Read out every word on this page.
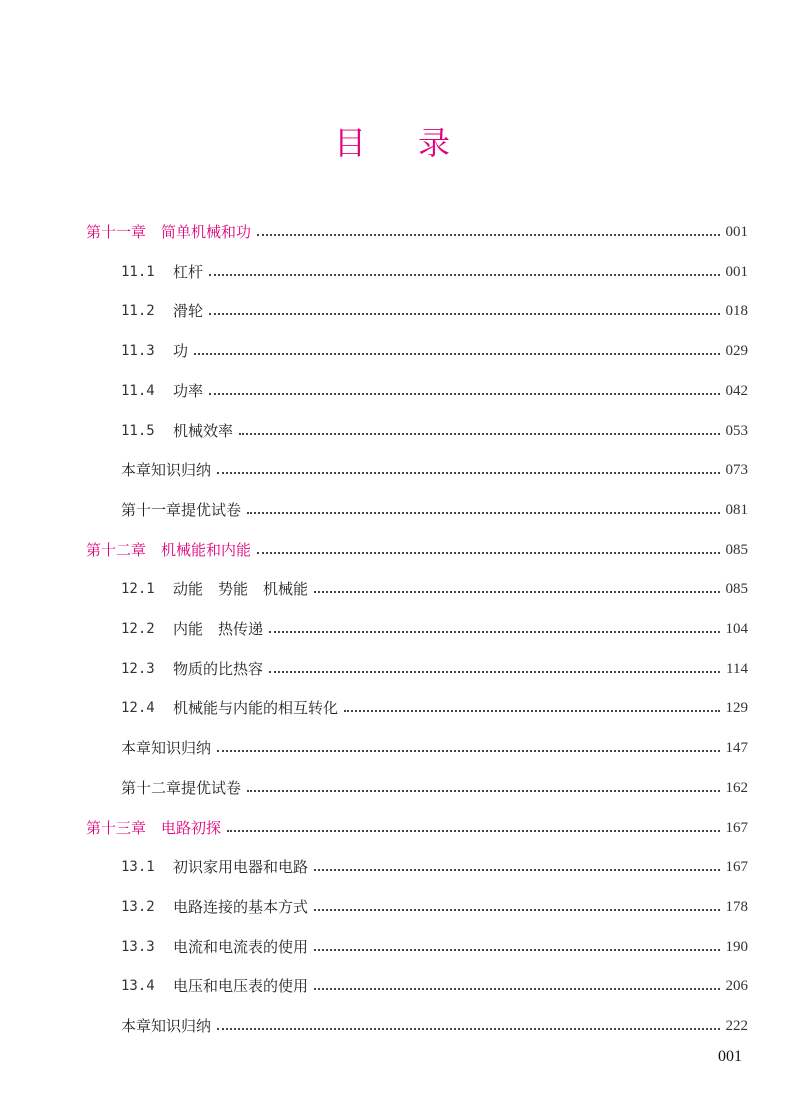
目录
第十一章　简单机械和功	001
11.1	杠杆	001
11.2	滑轮	018
11.3	功	029
11.4	功率	042
11.5	机械效率	053
本章知识归纳	073
第十一章提优试卷	081
第十二章　机械能和内能	085
12.1	动能　势能　机械能	085
12.2	内能　热传递	104
12.3	物质的比热容	114
12.4	机械能与内能的相互转化	129
本章知识归纳	147
第十二章提优试卷	162
第十三章　电路初探	167
13.1	初识家用电器和电路	167
13.2	电路连接的基本方式	178
13.3	电流和电流表的使用	190
13.4	电压和电压表的使用	206
本章知识归纳	222
001
